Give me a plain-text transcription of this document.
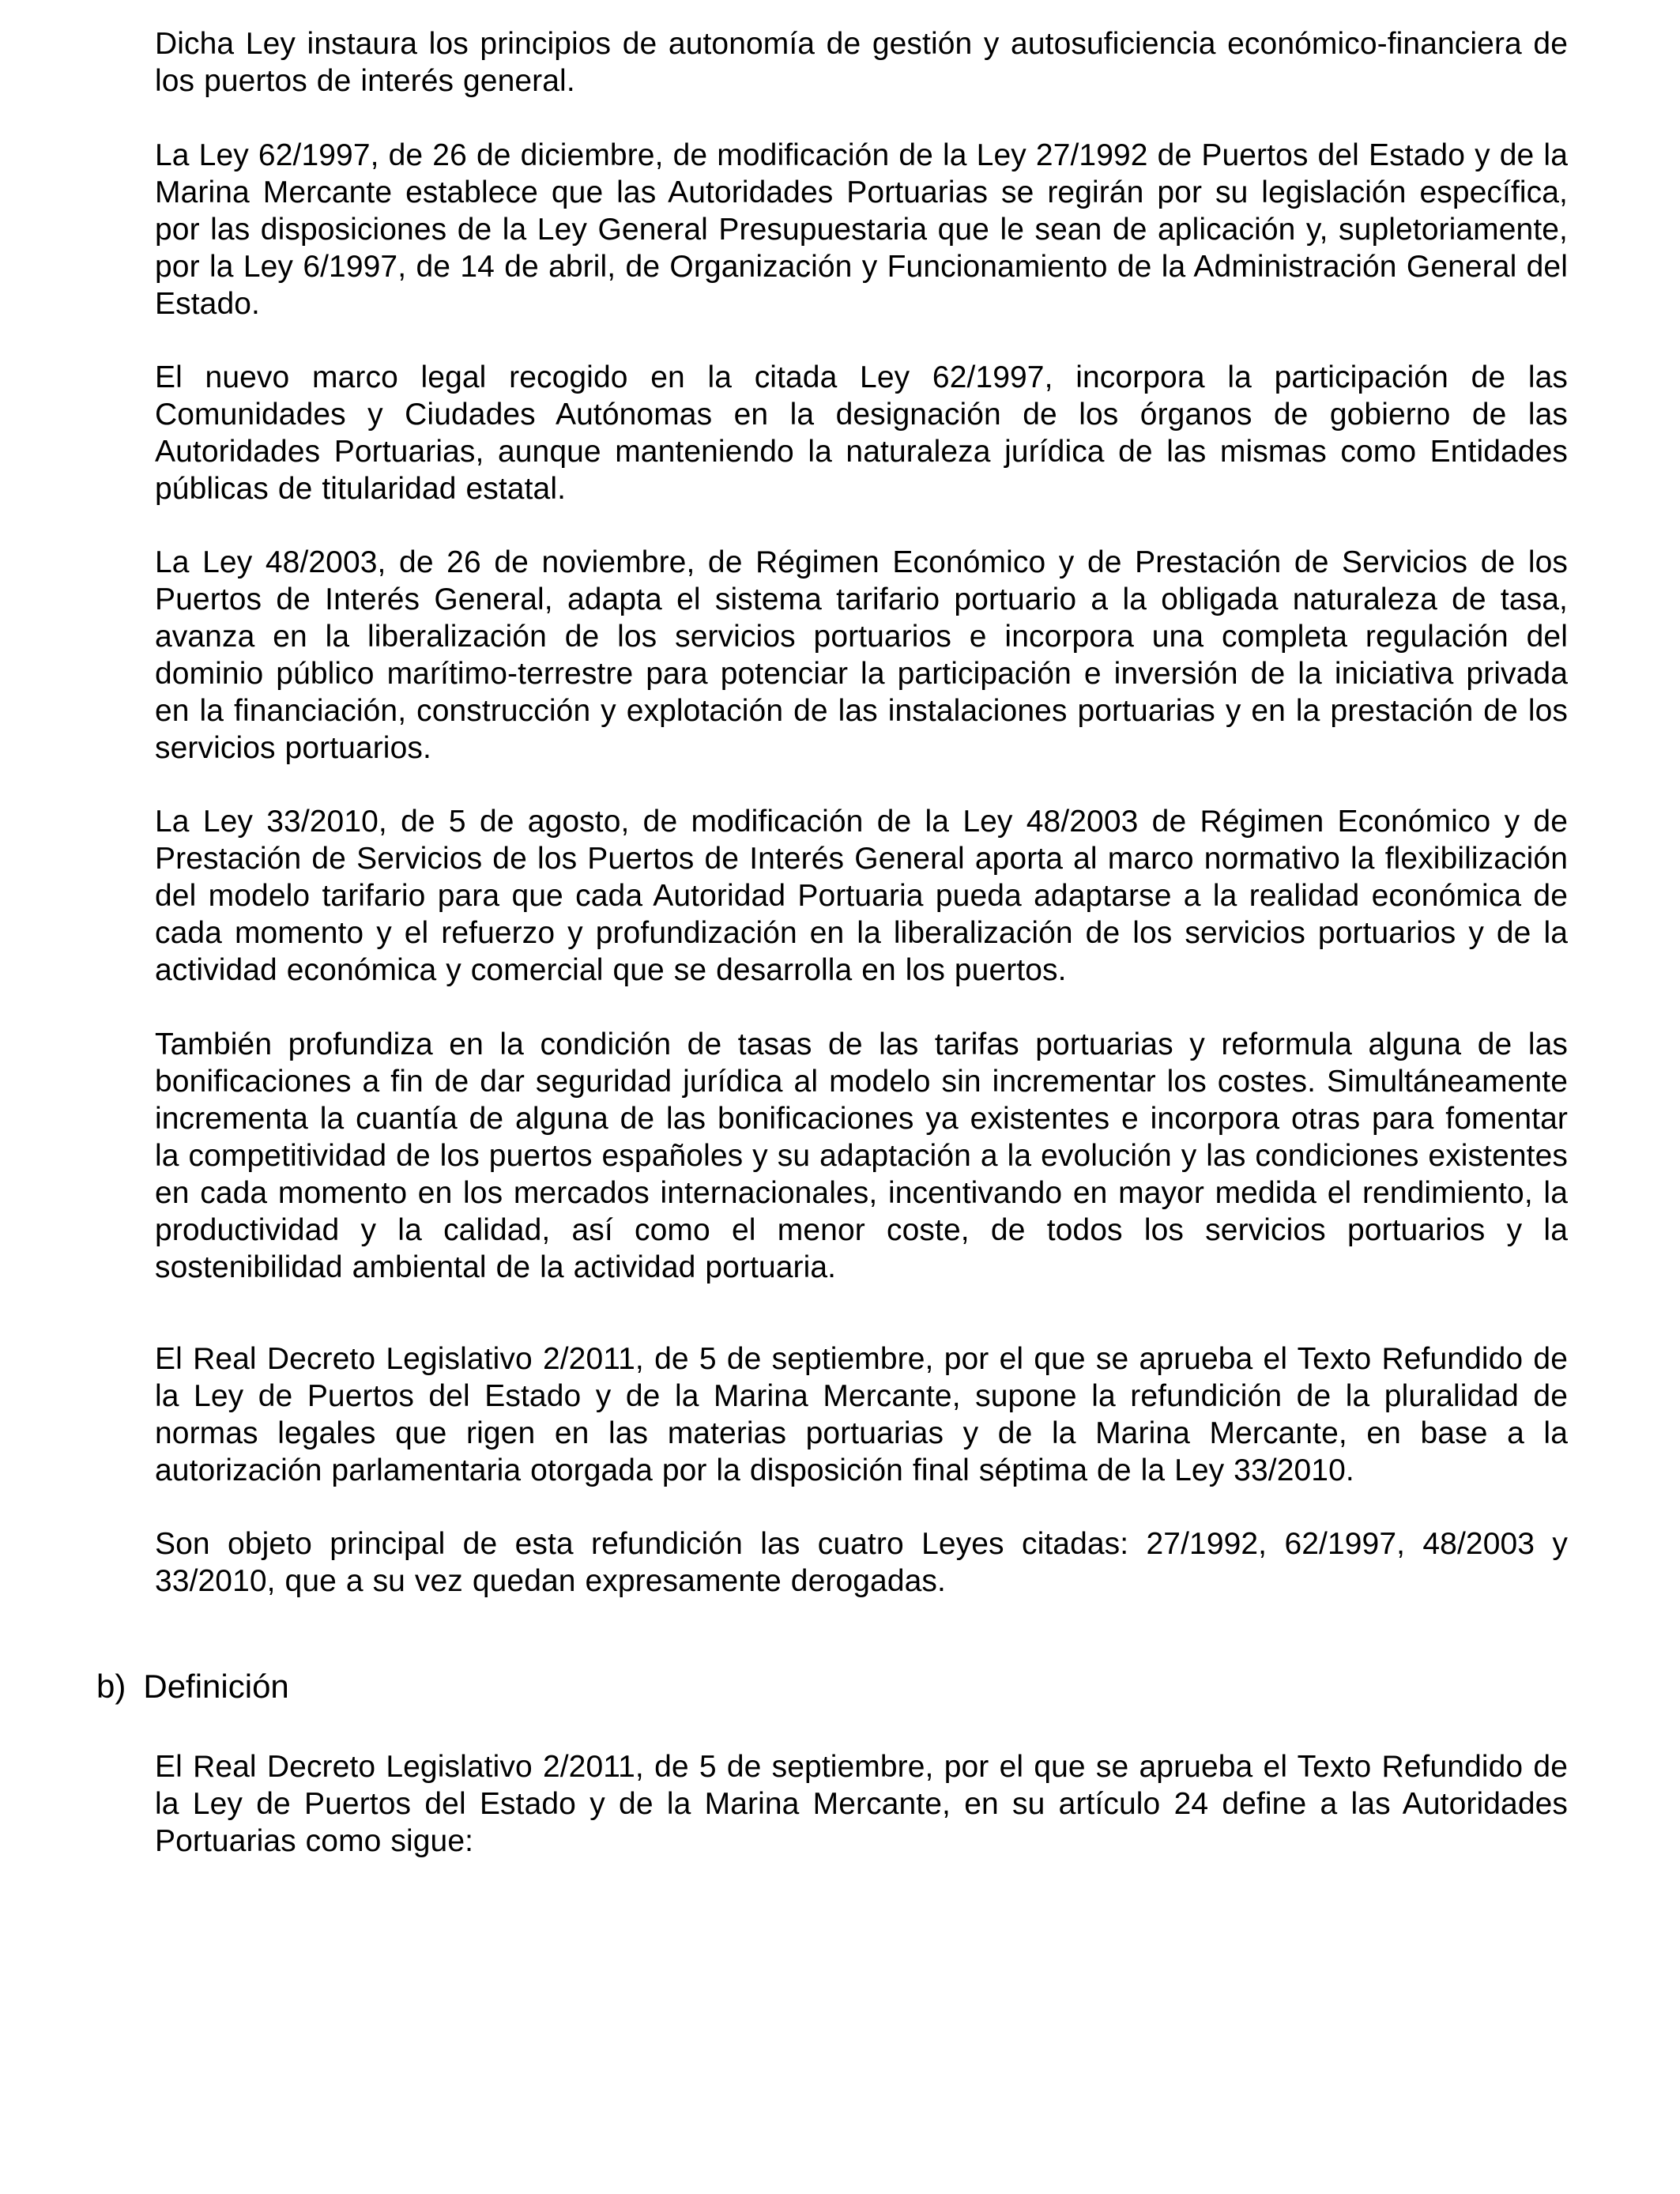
Dicha Ley instaura los principios de autonomía de gestión y autosuficiencia económico-financiera de los puertos de interés general.

La Ley 62/1997, de 26 de diciembre, de modificación de la Ley 27/1992 de Puertos del Estado y de la Marina Mercante establece que las Autoridades Portuarias se regirán por su legislación específica, por las disposiciones de la Ley General Presupuestaria que le sean de aplicación y, supletoriamente, por la Ley 6/1997, de 14 de abril, de Organización y Funcionamiento de la Administración General del Estado.

El nuevo marco legal recogido en la citada Ley 62/1997, incorpora la participación de las Comunidades y Ciudades Autónomas en la designación de los órganos de gobierno de las Autoridades Portuarias, aunque manteniendo la naturaleza jurídica de las mismas como Entidades públicas de titularidad estatal.

La Ley 48/2003, de 26 de noviembre, de Régimen Económico y de Prestación de Servicios de los Puertos de Interés General, adapta el sistema tarifario portuario a la obligada naturaleza de tasa, avanza en la liberalización de los servicios portuarios e incorpora una completa regulación del dominio público marítimo-terrestre para potenciar la participación e inversión de la iniciativa privada en la financiación, construcción y explotación de las instalaciones portuarias y en la prestación de los servicios portuarios.

La Ley 33/2010, de 5 de agosto, de modificación de la Ley 48/2003 de Régimen Económico y de Prestación de Servicios de los Puertos de Interés General aporta al marco normativo la flexibilización del modelo tarifario para que cada Autoridad Portuaria pueda adaptarse a la realidad económica de cada momento y el refuerzo y profundización en la liberalización de los servicios portuarios y de la actividad económica y comercial que se desarrolla en los puertos.

También profundiza en la condición de tasas de las tarifas portuarias y reformula alguna de las bonificaciones a fin de dar seguridad jurídica al modelo sin incrementar los costes. Simultáneamente incrementa la cuantía de alguna de las bonificaciones ya existentes e incorpora otras para fomentar la competitividad de los puertos españoles y su adaptación a la evolución y las condiciones existentes en cada momento en los mercados internacionales, incentivando en mayor medida el rendimiento, la productividad y la calidad, así como el menor coste, de todos los servicios portuarios y la sostenibilidad ambiental de la actividad portuaria.

El Real Decreto Legislativo 2/2011, de 5 de septiembre, por el que se aprueba el Texto Refundido de la Ley de Puertos del Estado y de la Marina Mercante, supone la refundición de la pluralidad de normas legales que rigen en las materias portuarias y de la Marina Mercante, en base a la autorización parlamentaria otorgada por la disposición final séptima de la Ley 33/2010.

Son objeto principal de esta refundición las cuatro Leyes citadas: 27/1992, 62/1997, 48/2003 y 33/2010, que a su vez quedan expresamente derogadas.

b) Definición

El Real Decreto Legislativo 2/2011, de 5 de septiembre, por el que se aprueba el Texto Refundido de la Ley de Puertos del Estado y de la Marina Mercante, en su artículo 24 define a las Autoridades Portuarias como sigue:
